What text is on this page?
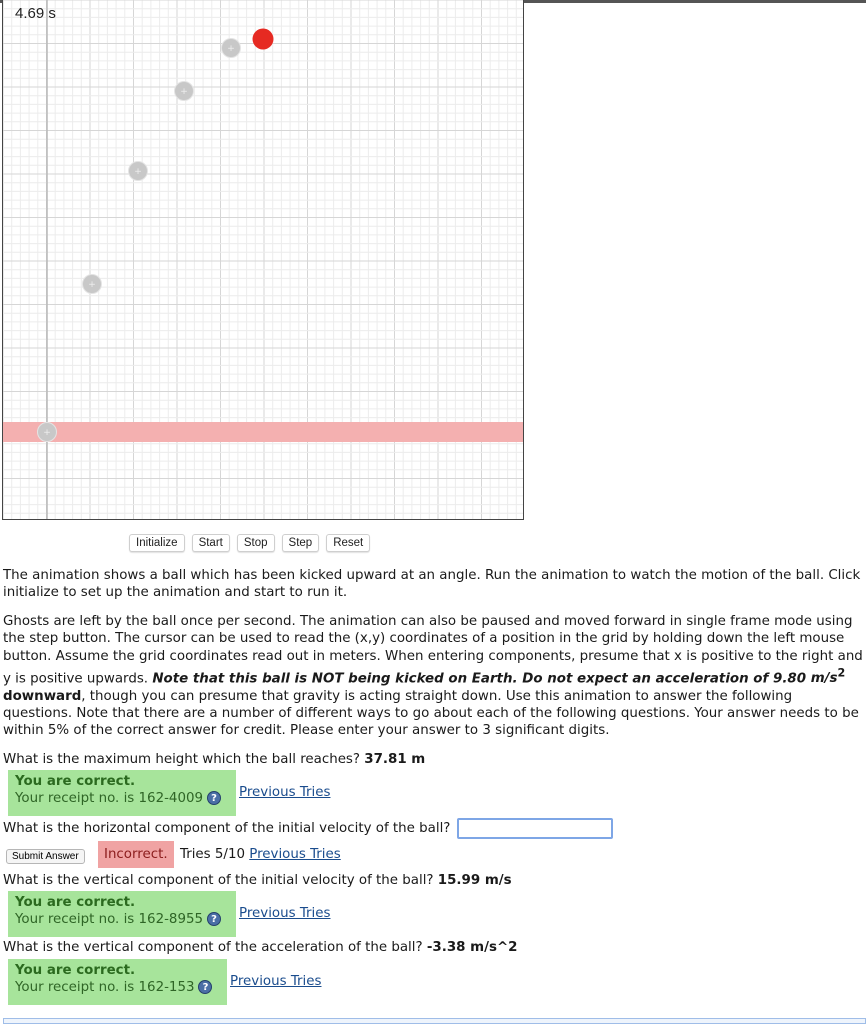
+
+
+
+
+
4.69 s
Initialize	Start	Stop	Step	Reset

The animation shows a ball which has been kicked upward at an angle. Run the animation to watch the motion of the ball. Click initialize to set up the animation and start to run it.

Ghosts are left by the ball once per second. The animation can also be paused and moved forward in single frame mode using the step button. The cursor can be used to read the (x,y) coordinates of a position in the grid by holding down the left mouse button. Assume the grid coordinates read out in meters. When entering components, presume that x is positive to the right and y is positive upwards. Note that this ball is NOT being kicked on Earth. Do not expect an acceleration of 9.80 $m/s^2$ downward, though you can presume that gravity is acting straight down. Use this animation to answer the following questions. Note that there are a number of different ways to go about each of the following questions. Your answer needs to be within 5% of the correct answer for credit. Please enter your answer to 3 significant digits.

What is the maximum height which the ball reaches? 37.81 m

You are correct.
Your receipt no. is 162-4009 ?	Previous Tries

What is the horizontal component of the initial velocity of the ball?

Submit Answer	Incorrect. Tries 5/10 Previous Tries

What is the vertical component of the initial velocity of the ball? 15.99 m/s

You are correct.
Your receipt no. is 162-8955 ?	Previous Tries

What is the vertical component of the acceleration of the ball? -3.38 m/s^2

You are correct.
Your receipt no. is 162-153 ?	Previous Tries
